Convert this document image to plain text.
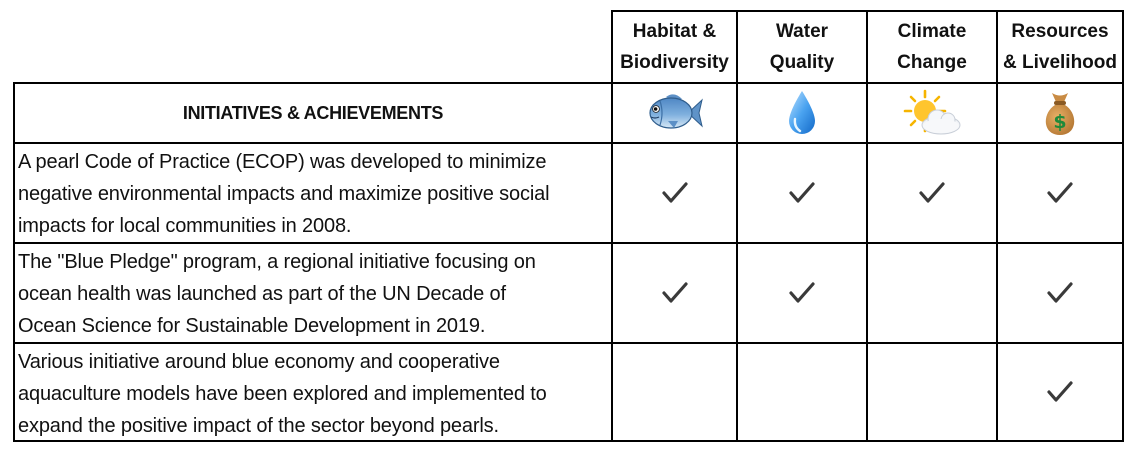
Habitat &
Biodiversity
Water
Quality
Climate
Change
Resources
& Livelihood
INITIATIVES & ACHIEVEMENTS	$
A pearl Code of Practice (ECOP) was developed to minimize
negative environmental impacts and maximize positive social
impacts for local communities in 2008.
The "Blue Pledge" program, a regional initiative focusing on
ocean health was launched as part of the UN Decade of
Ocean Science for Sustainable Development in 2019.
Various initiative around blue economy and cooperative
aquaculture models have been explored and implemented to
expand the positive impact of the sector beyond pearls.
